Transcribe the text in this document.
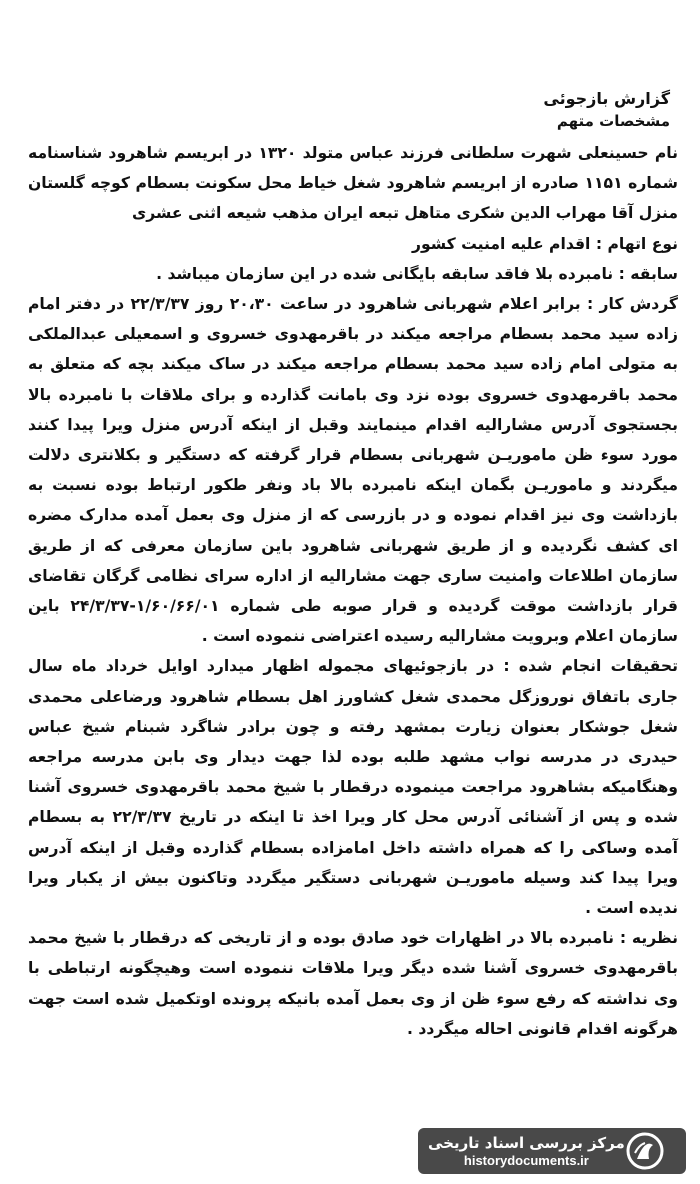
گزارش بازجوئی

مشخصات متهم

نام حسینعلی شهرت سلطانی فرزند عباس متولد ۱۳۲۰ در ابریسم شاهرود شناسنامه شماره ۱۱۵۱ صادره از ابریسم شاهرود شغل خیاط محل سکونت بسطام کوچه گلستان منزل آقا مهراب الدین شکری متاهل تبعه ایران مذهب شیعه اثنی عشری

نوع اتهام : اقدام علیه امنیت کشور

سابقه : نامبرده بلا فاقد سابقه بایگانی شده در این سازمان میباشد .

گردش کار : برابر اعلام شهربانی شاهرود در ساعت ۲۰،۳۰ روز ۲۲/۳/۳۷ در دفتر امام زاده سید محمد بسطام مراجعه میکند در باقرمهدوی خسروی و اسمعیلی عبدالملکی به متولی امام زاده سید محمد بسطام مراجعه میکند در ساک میکند بچه که متعلق به محمد باقرمهدوی خسروی بوده نزد وی بامانت گذارده و برای ملاقات با نامبرده بالا بجستجوی آدرس مشارالیه اقدام مینمایند وقبل از اینکه آدرس منزل ویرا پیدا کنند مورد سوء ظن ماموریـن شهربانی بسطام قرار گرفته که دستگیر و بکلانتری دلالت میگردند و ماموریـن بگمان اینکه نامبرده بالا باد ونفر طکور ارتباط بوده نسبت به بازداشت وی نیز اقدام نموده و در بازرسی که از منزل وی بعمل آمده مدارک مضره ای کشف نگردیده و از طریق شهربانی شاهرود باین سازمان معرفی که از طریق سازمان اطلاعات وامنیت ساری جهت مشارالیه از اداره سرای نظامی گرگان تقاضای قرار بازداشت موقت گردیده و قرار صوبه طی شماره ۱/۶۰/۶۶/۰۱-۲۴/۳/۳۷ باین سازمان اعلام وبرویت مشارالیه رسیده اعتراضی ننموده است .

تحقیقات انجام شده : در بازجوئیهای مجموله اظهار میدارد اوایل خرداد ماه سال جاری باتفاق نوروزگل محمدی شغل کشاورز اهل بسطام شاهرود ورضاعلی محمدی شغل جوشکار بعنوان زیارت بمشهد رفته و چون برادر شاگرد شبنام شیخ عباس حیدری در مدرسه نواب مشهد طلبه بوده لذا جهت دیدار وی بابن مدرسه مراجعه وهنگامیکه بشاهرود مراجعت مینموده درقطار با شیخ محمد باقرمهدوی خسروی آشنا شده و پس از آشنائی آدرس محل کار ویرا اخذ تا اینکه در تاریخ ۲۲/۳/۳۷ به بسطام آمده وساکی را که همراه داشته داخل امامزاده بسطام گذارده وقبل از اینکه آدرس ویرا پیدا کند وسیله ماموریـن شهربانی دستگیر میگردد وتاکنون بیش از یکبار ویرا ندیده است .

نظریه : نامبرده بالا در اظهارات خود صادق بوده و از تاریخی که درقطار با شیخ محمد باقرمهدوی خسروی آشنا شده دیگر ویرا ملاقات ننموده است وهیچگونه ارتباطی با وی نداشته که رفع سوء ظن از وی بعمل آمده بانیکه پرونده اوتکمیل شده است جهت هرگونه اقدام قانونی احاله میگردد .

مرکز بررسی اسناد تاریخی
historydocuments.ir
